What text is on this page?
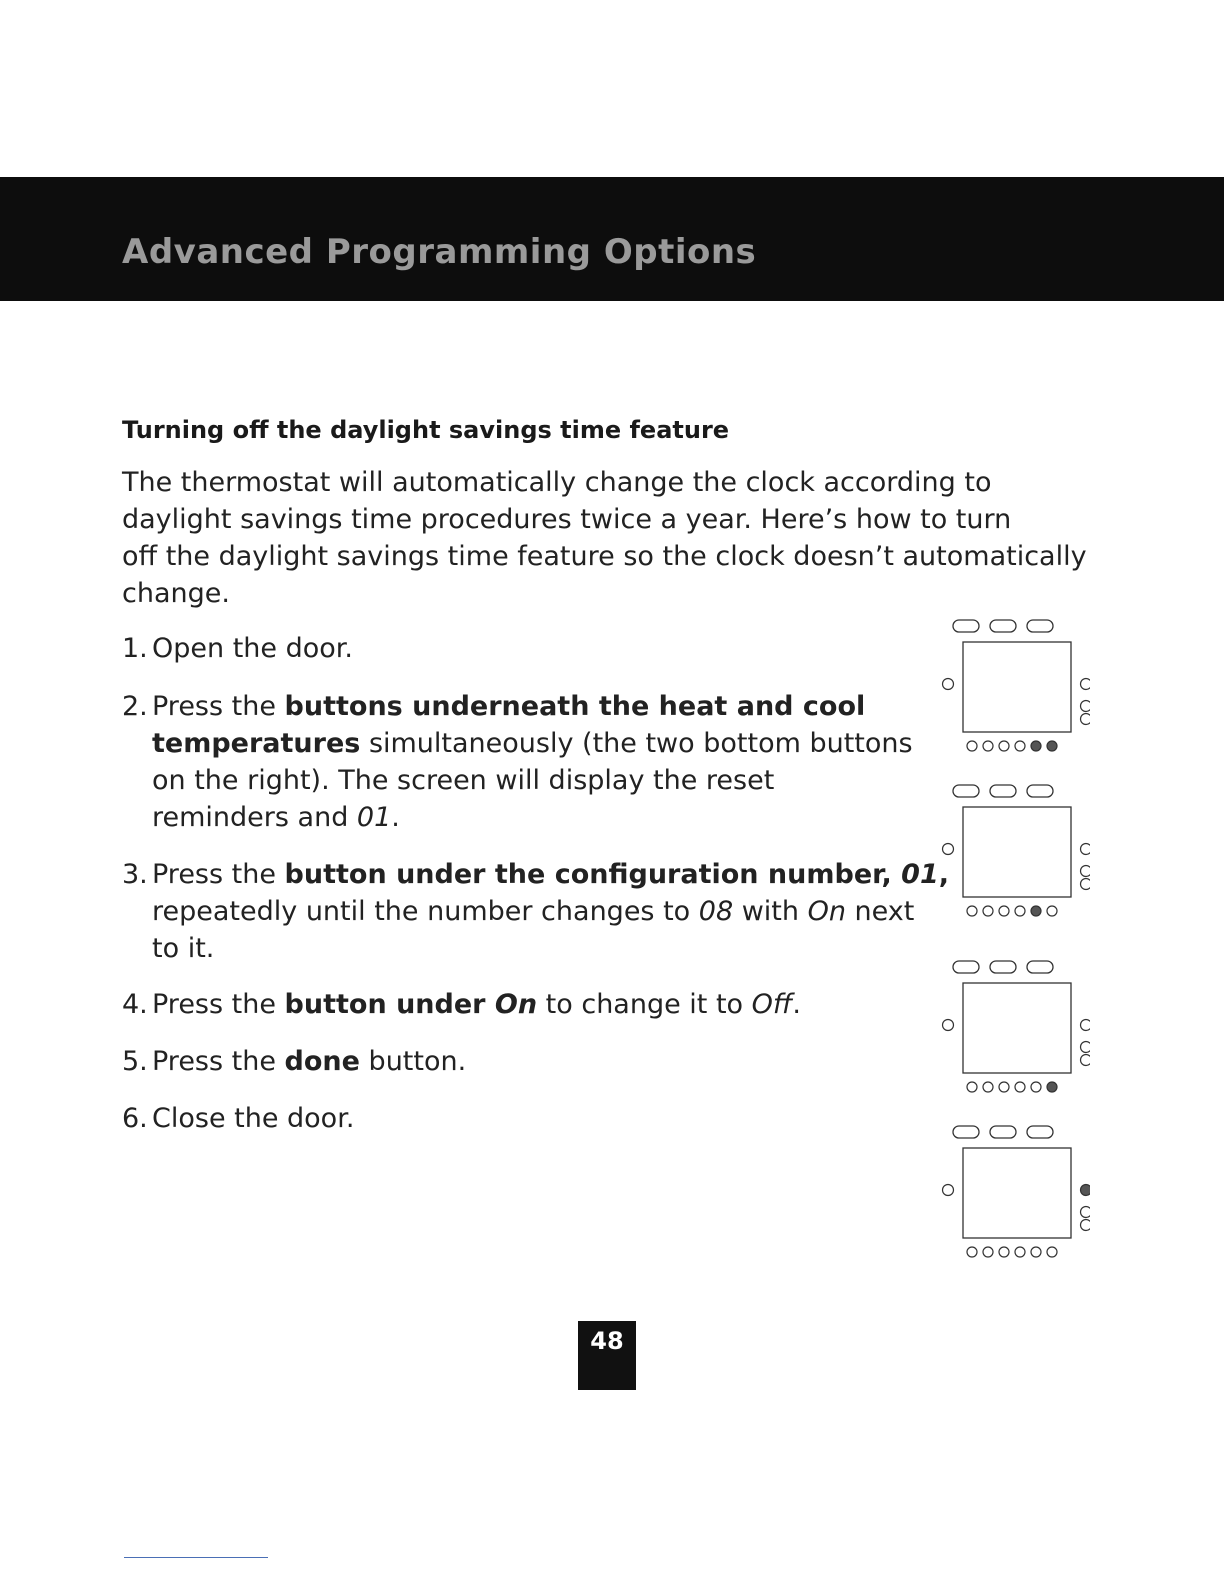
Advanced Programming Options
Turning off the daylight savings time feature
The thermostat will automatically change the clock according to
daylight savings time procedures twice a year. Here’s how to turn
off the daylight savings time feature so the clock doesn’t automatically
change.
1. Open the door.
2. Press the buttons underneath the heat and cool
temperatures simultaneously (the two bottom buttons
on the right). The screen will display the reset
reminders and 01.
3. Press the button under the configuration number, 01,
repeatedly until the number changes to 08 with On next
to it.
4. Press the button under On to change it to Off.
5. Press the done button.
6. Close the door.
48
